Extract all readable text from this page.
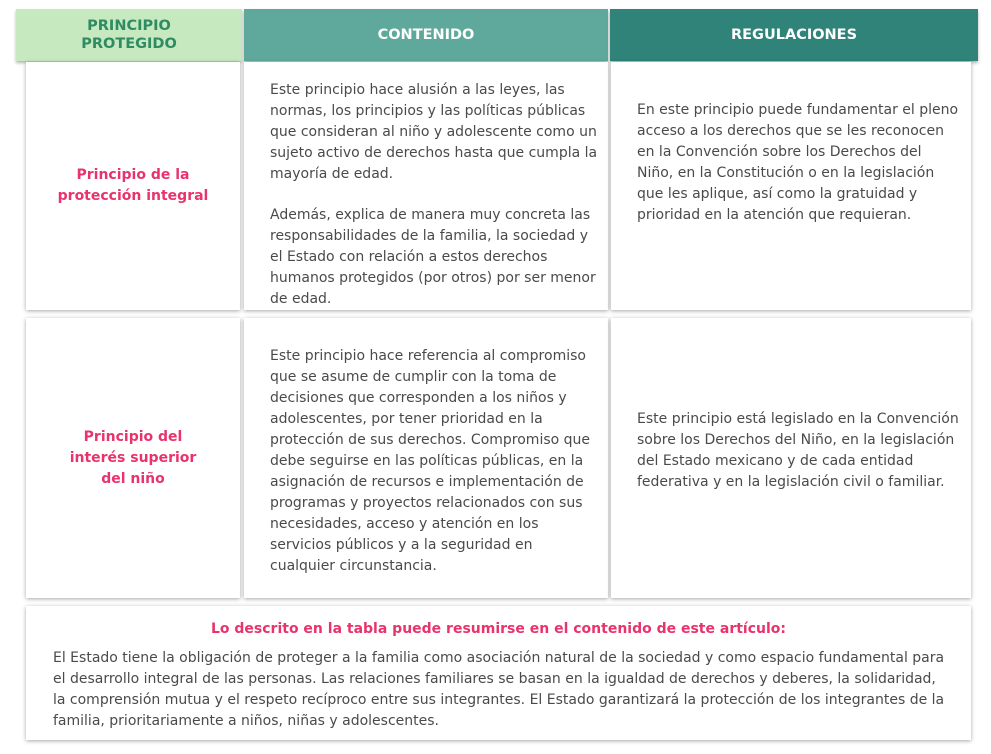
PRINCIPIO
PROTEGIDO
CONTENIDO	REGULACIONES
Principio de la protección integral

Este principio hace alusión a las leyes, las normas, los principios y las políticas públicas que consideran al niño y adolescente como un sujeto activo de derechos hasta que cumpla la mayoría de edad.

Además, explica de manera muy concreta las responsabilidades de la familia, la sociedad y el Estado con relación a estos derechos humanos protegidos (por otros) por ser menor de edad.

En este principio puede fundamentar el pleno acceso a los derechos que se les reconocen en la Convención sobre los Derechos del Niño, en la Constitución o en la legislación que les aplique, así como la gratuidad y prioridad en la atención que requieran.

Principio del interés superior del niño

Este principio hace referencia al compromiso que se asume de cumplir con la toma de decisiones que corresponden a los niños y adolescentes, por tener prioridad en la protección de sus derechos. Compromiso que debe seguirse en las políticas públicas, en la asignación de recursos e implementación de programas y proyectos relacionados con sus necesidades, acceso y atención en los servicios públicos y a la seguridad en cualquier circunstancia.

Este principio está legislado en la Convención sobre los Derechos del Niño, en la legislación del Estado mexicano y de cada entidad federativa y en la legislación civil o familiar.

Lo descrito en la tabla puede resumirse en el contenido de este artículo:
El Estado tiene la obligación de proteger a la familia como asociación natural de la sociedad y como espacio fundamental para el desarrollo integral de las personas. Las relaciones familiares se basan en la igualdad de derechos y deberes, la solidaridad, la comprensión mutua y el respeto recíproco entre sus integrantes. El Estado garantizará la protección de los integrantes de la familia, prioritariamente a niños, niñas y adolescentes.
